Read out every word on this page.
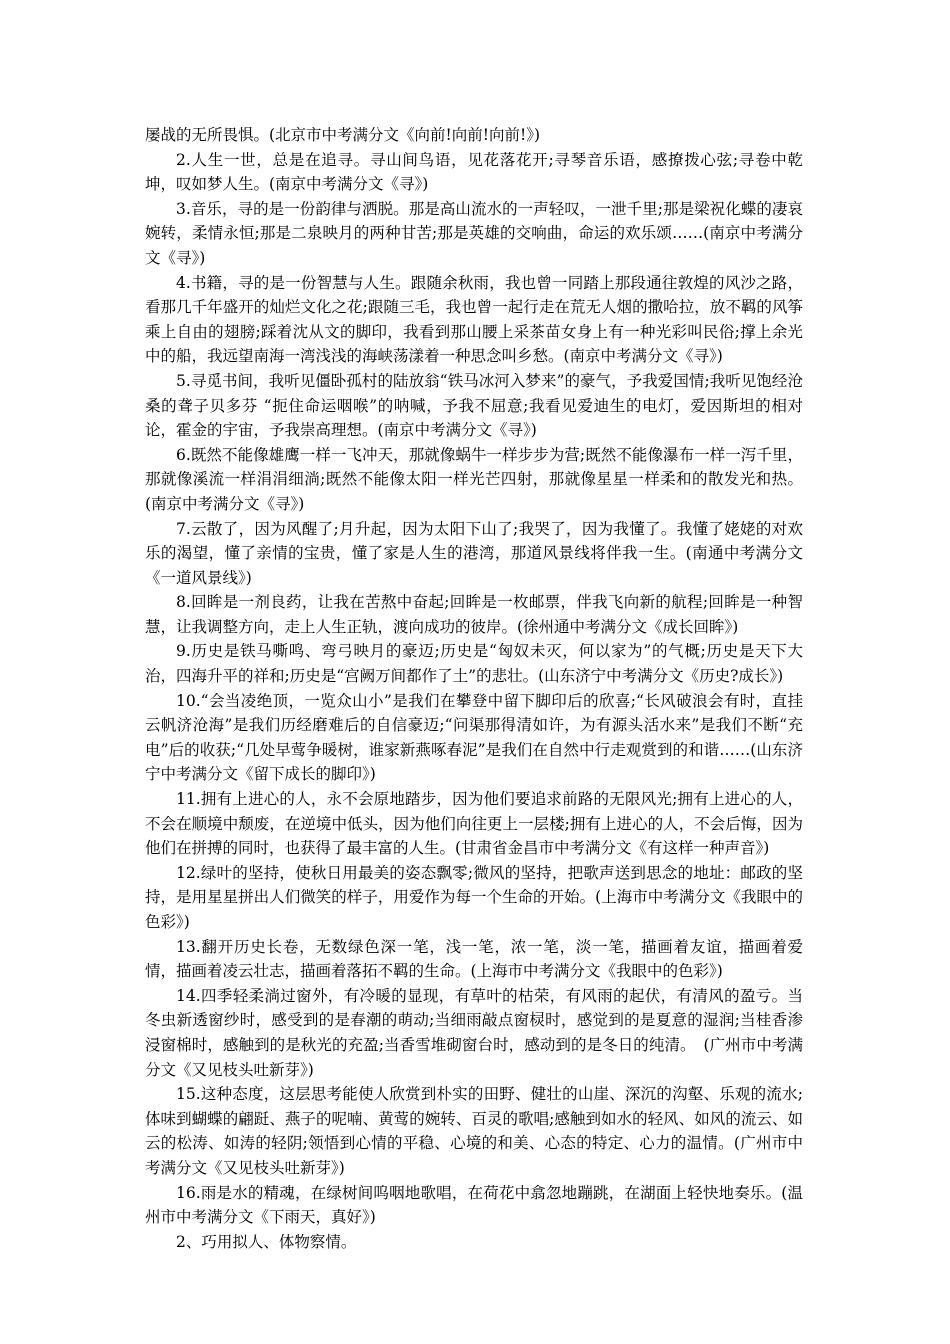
屡战的无所畏惧。(北京市中考满分文《向前!向前!向前!》)

2.人生一世，总是在追寻。寻山间鸟语，见花落花开;寻琴音乐语，感撩拨心弦;寻卷中乾坤，叹如梦人生。(南京中考满分文《寻》)

3.音乐，寻的是一份韵律与洒脱。那是高山流水的一声轻叹，一泄千里;那是梁祝化蝶的凄哀婉转，柔情永恒;那是二泉映月的两种甘苦;那是英雄的交响曲，命运的欢乐颂……(南京中考满分文《寻》)

4.书籍，寻的是一份智慧与人生。跟随余秋雨，我也曾一同踏上那段通往敦煌的风沙之路，看那几千年盛开的灿烂文化之花;跟随三毛，我也曾一起行走在荒无人烟的撒哈拉，放不羁的风筝乘上自由的翅膀;踩着沈从文的脚印，我看到那山腰上采茶苗女身上有一种光彩叫民俗;撑上余光中的船，我远望南海一湾浅浅的海峡荡漾着一种思念叫乡愁。(南京中考满分文《寻》)

5.寻觅书间，我听见僵卧孤村的陆放翁“铁马冰河入梦来”的豪气，予我爱国情;我听见饱经沧桑的聋子贝多芬 “扼住命运咽喉”的呐喊，予我不屈意;我看见爱迪生的电灯，爱因斯坦的相对论，霍金的宇宙，予我崇高理想。(南京中考满分文《寻》)

6.既然不能像雄鹰一样一飞冲天，那就像蜗牛一样步步为营;既然不能像瀑布一样一泻千里，那就像溪流一样涓涓细淌;既然不能像太阳一样光芒四射，那就像星星一样柔和的散发光和热。(南京中考满分文《寻》)

7.云散了，因为风醒了;月升起，因为太阳下山了;我哭了，因为我懂了。我懂了姥姥的对欢乐的渴望，懂了亲情的宝贵，懂了家是人生的港湾，那道风景线将伴我一生。(南通中考满分文《一道风景线》)

8.回眸是一剂良药，让我在苦熬中奋起;回眸是一枚邮票，伴我飞向新的航程;回眸是一种智慧，让我调整方向，走上人生正轨，渡向成功的彼岸。(徐州通中考满分文《成长回眸》)

9.历史是铁马嘶鸣、弯弓映月的豪迈;历史是“匈奴未灭，何以家为”的气概;历史是天下大治，四海升平的祥和;历史是“宫阙万间都作了土”的悲壮。(山东济宁中考满分文《历史?成长》)

10.“会当凌绝顶，一览众山小”是我们在攀登中留下脚印后的欣喜;“长风破浪会有时，直挂云帆济沧海”是我们历经磨难后的自信豪迈;“问渠那得清如许，为有源头活水来”是我们不断“充电”后的收获;“几处早莺争暖树，谁家新燕啄春泥”是我们在自然中行走观赏到的和谐……(山东济宁中考满分文《留下成长的脚印》)

11.拥有上进心的人，永不会原地踏步，因为他们要追求前路的无限风光;拥有上进心的人，不会在顺境中颓废，在逆境中低头，因为他们向往更上一层楼;拥有上进心的人，不会后悔，因为他们在拼搏的同时，也获得了最丰富的人生。(甘肃省金昌市中考满分文《有这样一种声音》)

12.绿叶的坚持，使秋日用最美的姿态飘零;微风的坚持，把歌声送到思念的地址：邮政的坚持，是用星星拼出人们微笑的样子，用爱作为每一个生命的开始。(上海市中考满分文《我眼中的色彩》)

13.翻开历史长卷，无数绿色深一笔，浅一笔，浓一笔，淡一笔，描画着友谊，描画着爱情，描画着凌云壮志，描画着落拓不羁的生命。(上海市中考满分文《我眼中的色彩》)

14.四季轻柔淌过窗外，有冷暖的显现，有草叶的枯荣，有风雨的起伏，有清风的盈亏。当冬虫新透窗纱时，感受到的是春潮的萌动;当细雨敲点窗棂时，感觉到的是夏意的湿润;当桂香渗浸窗棉时，感触到的是秋光的充盈;当香雪堆砌窗台时，感动到的是冬日的纯清。　(广州市中考满分文《又见枝头吐新芽》)

15.这种态度，这层思考能使人欣赏到朴实的田野、健壮的山崖、深沉的沟壑、乐观的流水;体味到蝴蝶的翩跹、燕子的呢喃、黄莺的婉转、百灵的歌唱;感触到如水的轻风、如风的流云、如云的松涛、如涛的轻阴;领悟到心情的平稳、心境的和美、心态的特定、心力的温情。(广州市中考满分文《又见枝头吐新芽》)

16.雨是水的精魂，在绿树间呜咽地歌唱，在荷花中翕忽地蹦跳，在湖面上轻快地奏乐。(温州市中考满分文《下雨天，真好》)

2、巧用拟人、体物察情。
